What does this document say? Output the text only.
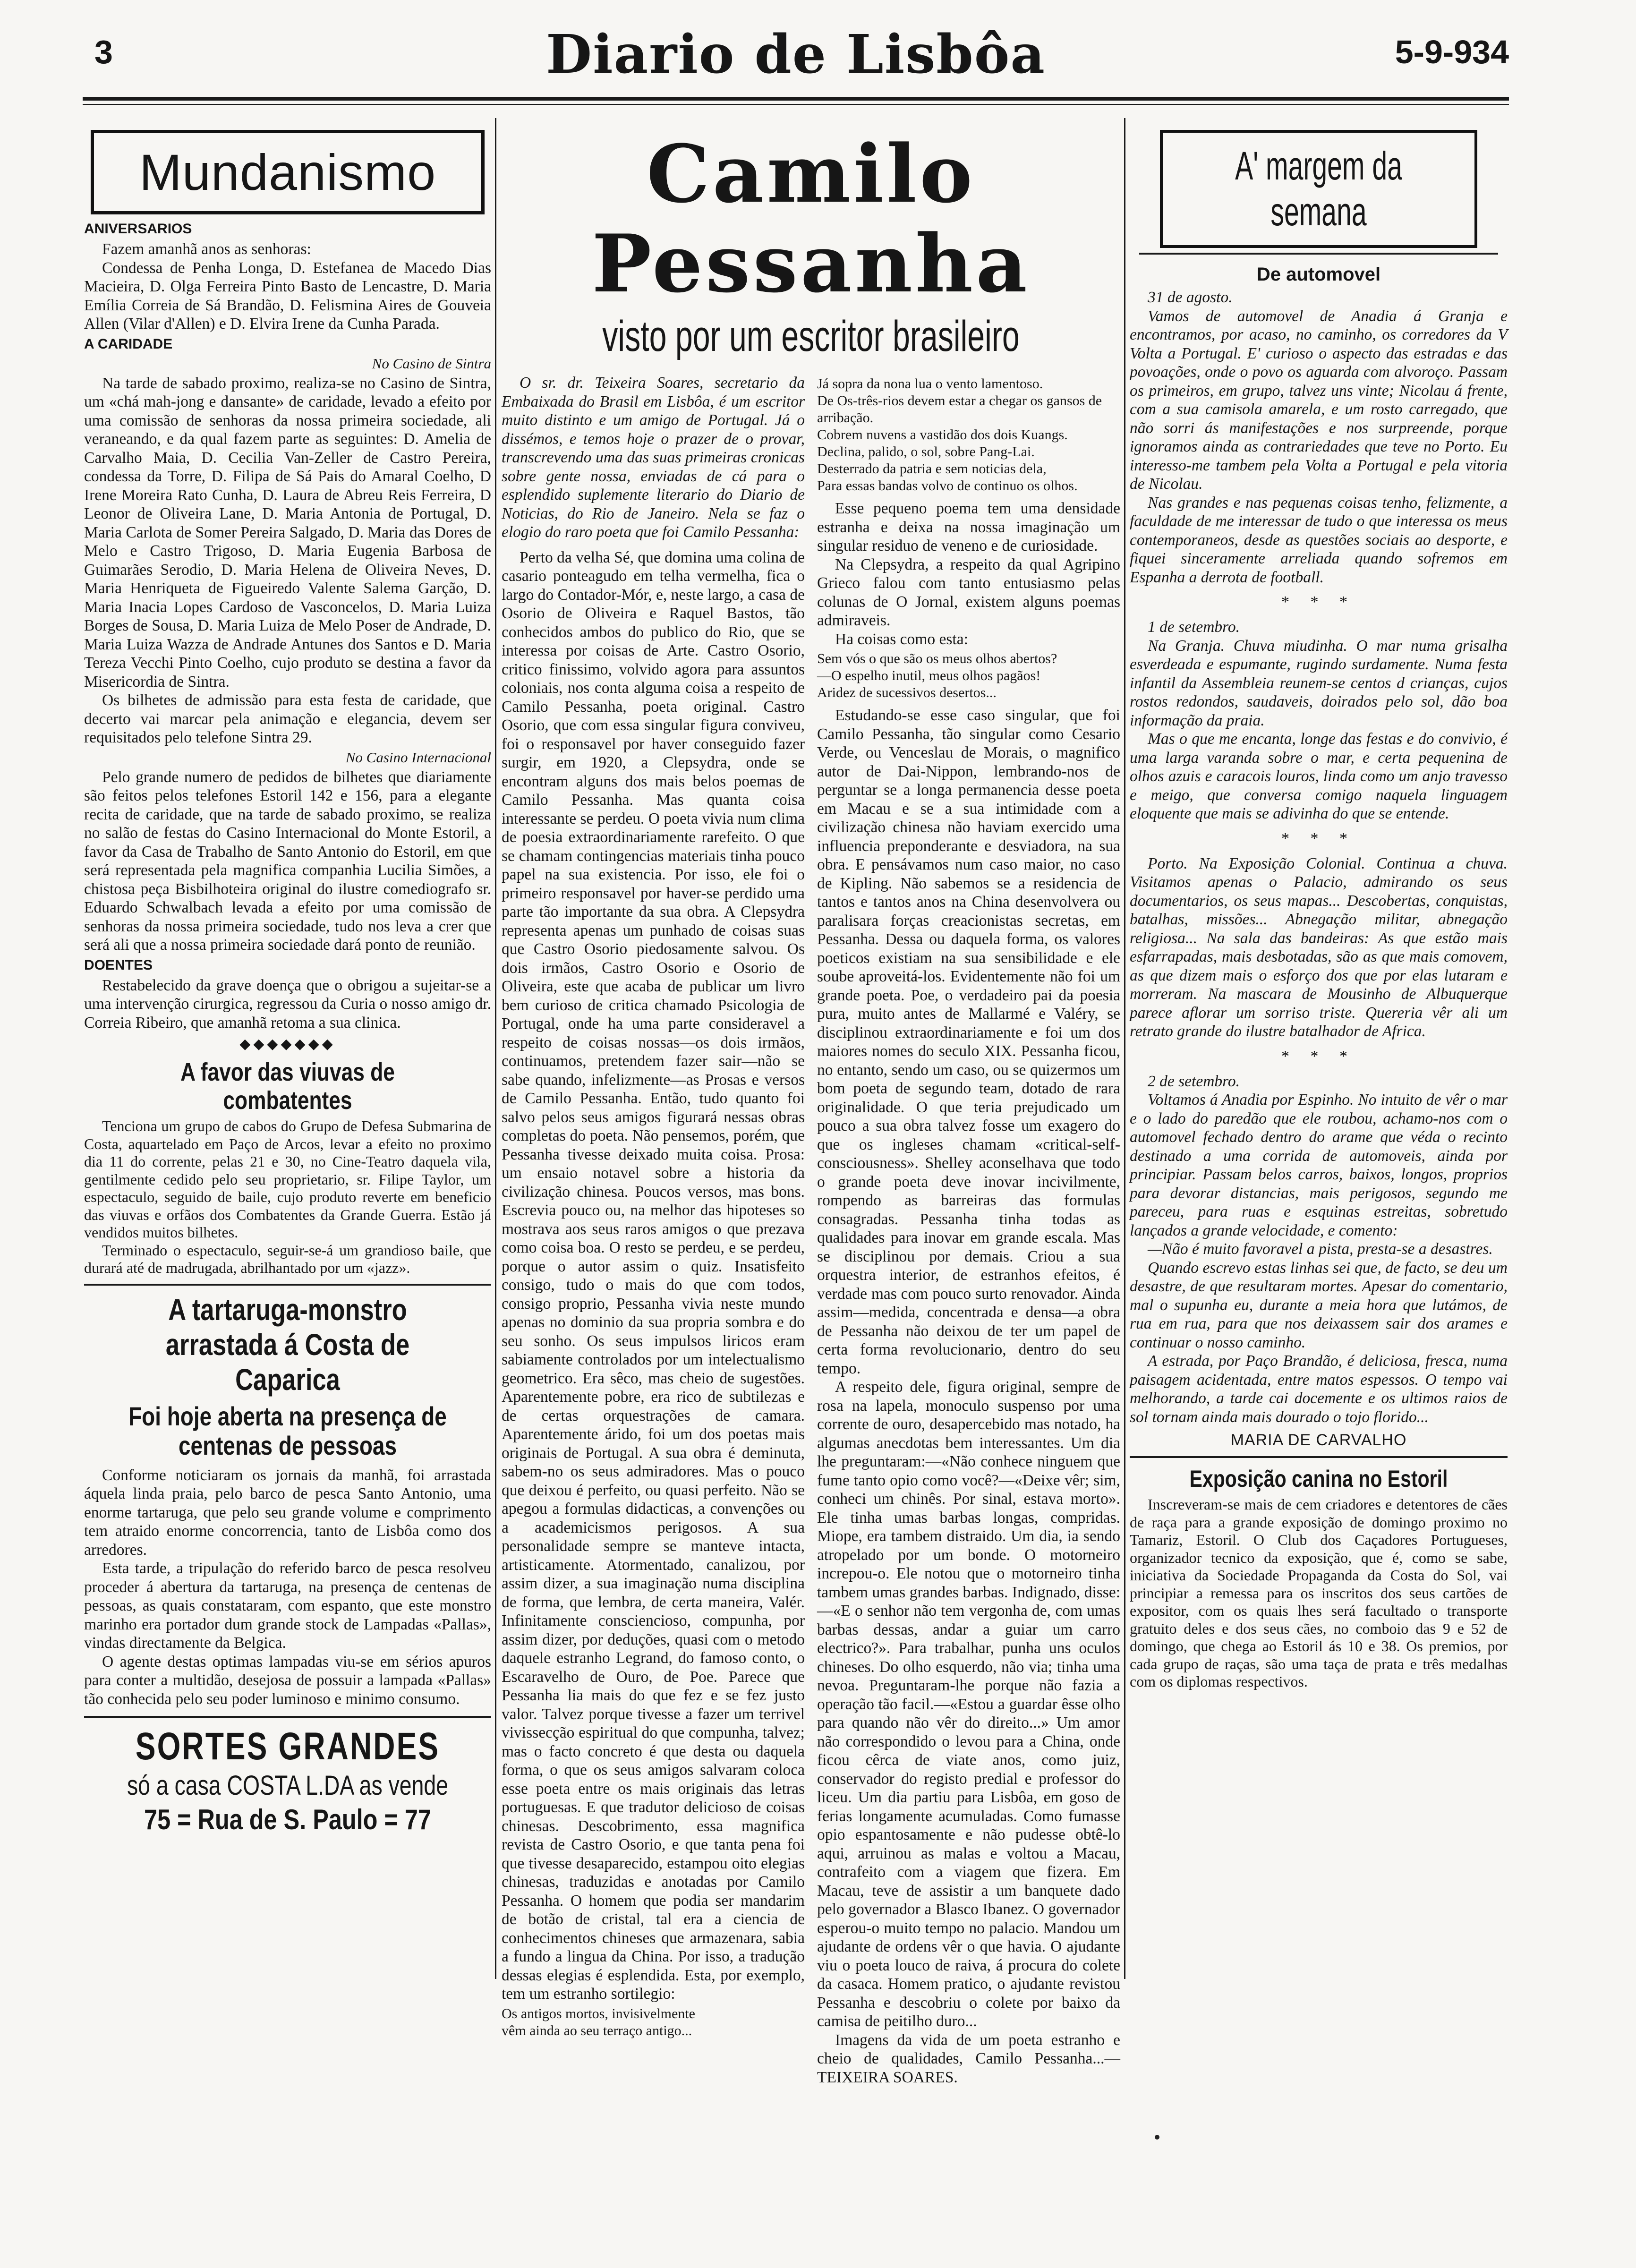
3	Diario de Lisbôa	5-9-934
Mundanismo
ANIVERSARIOS

Fazem amanhã anos as senhoras:

Condessa de Penha Longa, D. Estefanea de Macedo Dias Macieira, D. Olga Ferreira Pinto Basto de Lencastre, D. Maria Emília Correia de Sá Brandão, D. Felismina Aires de Gouveia Allen (Vilar d'Allen) e D. Elvira Irene da Cunha Parada.

A CARIDADE
No Casino de Sintra

Na tarde de sabado proximo, realiza-se no Casino de Sintra, um «chá mah-jong e dansante» de caridade, levado a efeito por uma comissão de senhoras da nossa primeira sociedade, ali veraneando, e da qual fazem parte as seguintes: D. Amelia de Carvalho Maia, D. Cecilia Van-Zeller de Castro Pereira, condessa da Torre, D. Filipa de Sá Pais do Amaral Coelho, D Irene Moreira Rato Cunha, D. Laura de Abreu Reis Ferreira, D Leonor de Oliveira Lane, D. Maria Antonia de Portugal, D. Maria Carlota de Somer Pereira Salgado, D. Maria das Dores de Melo e Castro Trigoso, D. Maria Eugenia Barbosa de Guimarães Serodio, D. Maria Helena de Oliveira Neves, D. Maria Henriqueta de Figueiredo Valente Salema Garção, D. Maria Inacia Lopes Cardoso de Vasconcelos, D. Maria Luiza Borges de Sousa, D. Maria Luiza de Melo Poser de Andrade, D. Maria Luiza Wazza de Andrade Antunes dos Santos e D. Maria Tereza Vecchi Pinto Coelho, cujo produto se destina a favor da Misericordia de Sintra.

Os bilhetes de admissão para esta festa de caridade, que decerto vai marcar pela animação e elegancia, devem ser requisitados pelo telefone Sintra 29.

No Casino Internacional

Pelo grande numero de pedidos de bilhetes que diariamente são feitos pelos telefones Estoril 142 e 156, para a elegante recita de caridade, que na tarde de sabado proximo, se realiza no salão de festas do Casino Internacional do Monte Estoril, a favor da Casa de Trabalho de Santo Antonio do Estoril, em que será representada pela magnifica companhia Lucilia Simões, a chistosa peça Bisbilhoteira original do ilustre comediografo sr. Eduardo Schwalbach levada a efeito por uma comissão de senhoras da nossa primeira sociedade, tudo nos leva a crer que será ali que a nossa primeira sociedade dará ponto de reunião.

DOENTES

Restabelecido da grave doença que o obrigou a sujeitar-se a uma intervenção cirurgica, regressou da Curia o nosso amigo dr. Correia Ribeiro, que amanhã retoma a sua clinica.

◆◆◆◆◆◆◆
A favor das viuvas de combatentes

Tenciona um grupo de cabos do Grupo de Defesa Submarina de Costa, aquartelado em Paço de Arcos, levar a efeito no proximo dia 11 do corrente, pelas 21 e 30, no Cine-Teatro daquela vila, gentilmente cedido pelo seu proprietario, sr. Filipe Taylor, um espectaculo, seguido de baile, cujo produto reverte em beneficio das viuvas e orfãos dos Combatentes da Grande Guerra. Estão já vendidos muitos bilhetes.

Terminado o espectaculo, seguir-se-á um grandioso baile, que durará até de madrugada, abrilhantado por um «jazz».

A tartaruga-monstro arrastada á Costa de Caparica
Foi hoje aberta na presença de centenas de pessoas

Conforme noticiaram os jornais da manhã, foi arrastada áquela linda praia, pelo barco de pesca Santo Antonio, uma enorme tartaruga, que pelo seu grande volume e comprimento tem atraido enorme concorrencia, tanto de Lisbôa como dos arredores.

Esta tarde, a tripulação do referido barco de pesca resolveu proceder á abertura da tartaruga, na presença de centenas de pessoas, as quais constataram, com espanto, que este monstro marinho era portador dum grande stock de Lampadas «Pallas», vindas directamente da Belgica.

O agente destas optimas lampadas viu-se em sérios apuros para conter a multidão, desejosa de possuir a lampada «Pallas» tão conhecida pelo seu poder luminoso e minimo consumo.

SORTES GRANDES
só a casa COSTA L.DA as vende
75 = Rua de S. Paulo = 77
Camilo Pessanha
visto por um escritor brasileiro

O sr. dr. Teixeira Soares, secretario da Embaixada do Brasil em Lisbôa, é um escritor muito distinto e um amigo de Portugal. Já o dissémos, e temos hoje o prazer de o provar, transcrevendo uma das suas primeiras cronicas sobre gente nossa, enviadas de cá para o esplendido suplemente literario do Diario de Noticias, do Rio de Janeiro. Nela se faz o elogio do raro poeta que foi Camilo Pessanha:

Perto da velha Sé, que domina uma colina de casario ponteagudo em telha vermelha, fica o largo do Contador-Mór, e, neste largo, a casa de Osorio de Oliveira e Raquel Bastos, tão conhecidos ambos do publico do Rio, que se interessa por coisas de Arte. Castro Osorio, critico finissimo, volvido agora para assuntos coloniais, nos conta alguma coisa a respeito de Camilo Pessanha, poeta original. Castro Osorio, que com essa singular figura conviveu, foi o responsavel por haver conseguido fazer surgir, em 1920, a Clepsydra, onde se encontram alguns dos mais belos poemas de Camilo Pessanha. Mas quanta coisa interessante se perdeu. O poeta vivia num clima de poesia extraordinariamente rarefeito. O que se chamam contingencias materiais tinha pouco papel na sua existencia. Por isso, ele foi o primeiro responsavel por haver-se perdido uma parte tão importante da sua obra. A Clepsydra representa apenas um punhado de coisas suas que Castro Osorio piedosamente salvou. Os dois irmãos, Castro Osorio e Osorio de Oliveira, este que acaba de publicar um livro bem curioso de critica chamado Psicologia de Portugal, onde ha uma parte consideravel a respeito de coisas nossas—os dois irmãos, continuamos, pretendem fazer sair—não se sabe quando, infelizmente—as Prosas e versos de Camilo Pessanha. Então, tudo quanto foi salvo pelos seus amigos figurará nessas obras completas do poeta. Não pensemos, porém, que Pessanha tivesse deixado muita coisa. Prosa: um ensaio notavel sobre a historia da civilização chinesa. Poucos versos, mas bons. Escrevia pouco ou, na melhor das hipoteses so mostrava aos seus raros amigos o que prezava como coisa boa. O resto se perdeu, e se perdeu, porque o autor assim o quiz. Insatisfeito consigo, tudo o mais do que com todos, consigo proprio, Pessanha vivia neste mundo apenas no dominio da sua propria sombra e do seu sonho. Os seus impulsos liricos eram sabiamente controlados por um intelectualismo geometrico. Era sêco, mas cheio de sugestões. Aparentemente pobre, era rico de subtilezas e de certas orquestrações de camara. Aparentemente árido, foi um dos poetas mais originais de Portugal. A sua obra é deminuta, sabem-no os seus admiradores. Mas o pouco que deixou é perfeito, ou quasi perfeito. Não se apegou a formulas didacticas, a convenções ou a academicismos perigosos. A sua personalidade sempre se manteve intacta, artisticamente. Atormentado, canalizou, por assim dizer, a sua imaginação numa disciplina de forma, que lembra, de certa maneira, Valér. Infinitamente consciencioso, compunha, por assim dizer, por deduções, quasi com o metodo daquele estranho Legrand, do famoso conto, o Escaravelho de Ouro, de Poe. Parece que Pessanha lia mais do que fez e se fez justo valor. Talvez porque tivesse a fazer um terrivel vivissecção espiritual do que compunha, talvez; mas o facto concreto é que desta ou daquela forma, o que os seus amigos salvaram coloca esse poeta entre os mais originais das letras portuguesas. E que tradutor delicioso de coisas chinesas. Descobrimento, essa magnifica revista de Castro Osorio, e que tanta pena foi que tivesse desaparecido, estampou oito elegias chinesas, traduzidas e anotadas por Camilo Pessanha. O homem que podia ser mandarim de botão de cristal, tal era a ciencia de conhecimentos chineses que armazenara, sabia a fundo a lingua da China. Por isso, a tradução dessas elegias é esplendida. Esta, por exemplo, tem um estranho sortilegio:

Os antigos mortos, invisivelmente

vêm ainda ao seu terraço antigo...

Já sopra da nona lua o vento lamentoso.

De Os-três-rios devem estar a chegar os gansos de arribação.

Cobrem nuvens a vastidão dos dois Kuangs.

Declina, palido, o sol, sobre Pang-Lai.

Desterrado da patria e sem noticias dela,

Para essas bandas volvo de continuo os olhos.

Esse pequeno poema tem uma densidade estranha e deixa na nossa imaginação um singular residuo de veneno e de curiosidade.

Na Clepsydra, a respeito da qual Agripino Grieco falou com tanto entusiasmo pelas colunas de O Jornal, existem alguns poemas admiraveis.

Ha coisas como esta:

Sem vós o que são os meus olhos abertos?

—O espelho inutil, meus olhos pagãos!

Aridez de sucessivos desertos...

Estudando-se esse caso singular, que foi Camilo Pessanha, tão singular como Cesario Verde, ou Venceslau de Morais, o magnifico autor de Dai-Nippon, lembrando-nos de perguntar se a longa permanencia desse poeta em Macau e se a sua intimidade com a civilização chinesa não haviam exercido uma influencia preponderante e desviadora, na sua obra. E pensávamos num caso maior, no caso de Kipling. Não sabemos se a residencia de tantos e tantos anos na China desenvolvera ou paralisara forças creacionistas secretas, em Pessanha. Dessa ou daquela forma, os valores poeticos existiam na sua sensibilidade e ele soube aproveitá-los. Evidentemente não foi um grande poeta. Poe, o verdadeiro pai da poesia pura, muito antes de Mallarmé e Valéry, se disciplinou extraordinariamente e foi um dos maiores nomes do seculo XIX. Pessanha ficou, no entanto, sendo um caso, ou se quizermos um bom poeta de segundo team, dotado de rara originalidade. O que teria prejudicado um pouco a sua obra talvez fosse um exagero do que os ingleses chamam «critical-self-consciousness». Shelley aconselhava que todo o grande poeta deve inovar incivilmente, rompendo as barreiras das formulas consagradas. Pessanha tinha todas as qualidades para inovar em grande escala. Mas se disciplinou por demais. Criou a sua orquestra interior, de estranhos efeitos, é verdade mas com pouco surto renovador. Ainda assim—medida, concentrada e densa—a obra de Pessanha não deixou de ter um papel de certa forma revolucionario, dentro do seu tempo.

A respeito dele, figura original, sempre de rosa na lapela, monoculo suspenso por uma corrente de ouro, desapercebido mas notado, ha algumas anecdotas bem interessantes. Um dia lhe preguntaram:—«Não conhece ninguem que fume tanto opio como você?—«Deixe vêr; sim, conheci um chinês. Por sinal, estava morto». Ele tinha umas barbas longas, compridas. Miope, era tambem distraido. Um dia, ia sendo atropelado por um bonde. O motorneiro increpou-o. Ele notou que o motorneiro tinha tambem umas grandes barbas. Indignado, disse:—«E o senhor não tem vergonha de, com umas barbas dessas, andar a guiar um carro electrico?». Para trabalhar, punha uns oculos chineses. Do olho esquerdo, não via; tinha uma nevoa. Preguntaram-lhe porque não fazia a operação tão facil.—«Estou a guardar êsse olho para quando não vêr do direito...» Um amor não correspondido o levou para a China, onde ficou cêrca de viate anos, como juiz, conservador do registo predial e professor do liceu. Um dia partiu para Lisbôa, em goso de ferias longamente acumuladas. Como fumasse opio espantosamente e não pudesse obtê-lo aqui, arruinou as malas e voltou a Macau, contrafeito com a viagem que fizera. Em Macau, teve de assistir a um banquete dado pelo governador a Blasco Ibanez. O governador esperou-o muito tempo no palacio. Mandou um ajudante de ordens vêr o que havia. O ajudante viu o poeta louco de raiva, á procura do colete da casaca. Homem pratico, o ajudante revistou Pessanha e descobriu o colete por baixo da camisa de peitilho duro...

Imagens da vida de um poeta estranho e cheio de qualidades, Camilo Pessanha...—TEIXEIRA SOARES.

A' margem da semana
De automovel

31 de agosto.

Vamos de automovel de Anadia á Granja e encontramos, por acaso, no caminho, os corredores da V Volta a Portugal. E' curioso o aspecto das estradas e das povoações, onde o povo os aguarda com alvoroço. Passam os primeiros, em grupo, talvez uns vinte; Nicolau á frente, com a sua camisola amarela, e um rosto carregado, que não sorri ás manifestações e nos surpreende, porque ignoramos ainda as contrariedades que teve no Porto. Eu interesso-me tambem pela Volta a Portugal e pela vitoria de Nicolau.

Nas grandes e nas pequenas coisas tenho, felizmente, a faculdade de me interessar de tudo o que interessa os meus contemporaneos, desde as questões sociais ao desporte, e fiquei sinceramente arreliada quando sofremos em Espanha a derrota de football.

* * *

1 de setembro.

Na Granja. Chuva miudinha. O mar numa grisalha esverdeada e espumante, rugindo surdamente. Numa festa infantil da Assembleia reunem-se centos d crianças, cujos rostos redondos, saudaveis, doirados pelo sol, dão boa informação da praia.

Mas o que me encanta, longe das festas e do convivio, é uma larga varanda sobre o mar, e certa pequenina de olhos azuis e caracois louros, linda como um anjo travesso e meigo, que conversa comigo naquela linguagem eloquente que mais se adivinha do que se entende.

* * *

Porto. Na Exposição Colonial. Continua a chuva. Visitamos apenas o Palacio, admirando os seus documentarios, os seus mapas... Descobertas, conquistas, batalhas, missões... Abnegação militar, abnegação religiosa... Na sala das bandeiras: As que estão mais esfarrapadas, mais desbotadas, são as que mais comovem, as que dizem mais o esforço dos que por elas lutaram e morreram. Na mascara de Mousinho de Albuquerque parece aflorar um sorriso triste. Quereria vêr ali um retrato grande do ilustre batalhador de Africa.

* * *

2 de setembro.

Voltamos á Anadia por Espinho. No intuito de vêr o mar e o lado do paredão que ele roubou, achamo-nos com o automovel fechado dentro do arame que véda o recinto destinado a uma corrida de automoveis, ainda por principiar. Passam belos carros, baixos, longos, proprios para devorar distancias, mais perigosos, segundo me pareceu, para ruas e esquinas estreitas, sobretudo lançados a grande velocidade, e comento:

—Não é muito favoravel a pista, presta-se a desastres.

Quando escrevo estas linhas sei que, de facto, se deu um desastre, de que resultaram mortes. Apesar do comentario, mal o supunha eu, durante a meia hora que lutámos, de rua em rua, para que nos deixassem sair dos arames e continuar o nosso caminho.

A estrada, por Paço Brandão, é deliciosa, fresca, numa paisagem acidentada, entre matos espessos. O tempo vai melhorando, a tarde cai docemente e os ultimos raios de sol tornam ainda mais dourado o tojo florido...

MARIA DE CARVALHO
Exposição canina no Estoril

Inscreveram-se mais de cem criadores e detentores de cães de raça para a grande exposição de domingo proximo no Tamariz, Estoril. O Club dos Caçadores Portugueses, organizador tecnico da exposição, que é, como se sabe, iniciativa da Sociedade Propaganda da Costa do Sol, vai principiar a remessa para os inscritos dos seus cartões de expositor, com os quais lhes será facultado o transporte gratuito deles e dos seus cães, no comboio das 9 e 52 de domingo, que chega ao Estoril ás 10 e 38. Os premios, por cada grupo de raças, são uma taça de prata e três medalhas com os diplomas respectivos.
